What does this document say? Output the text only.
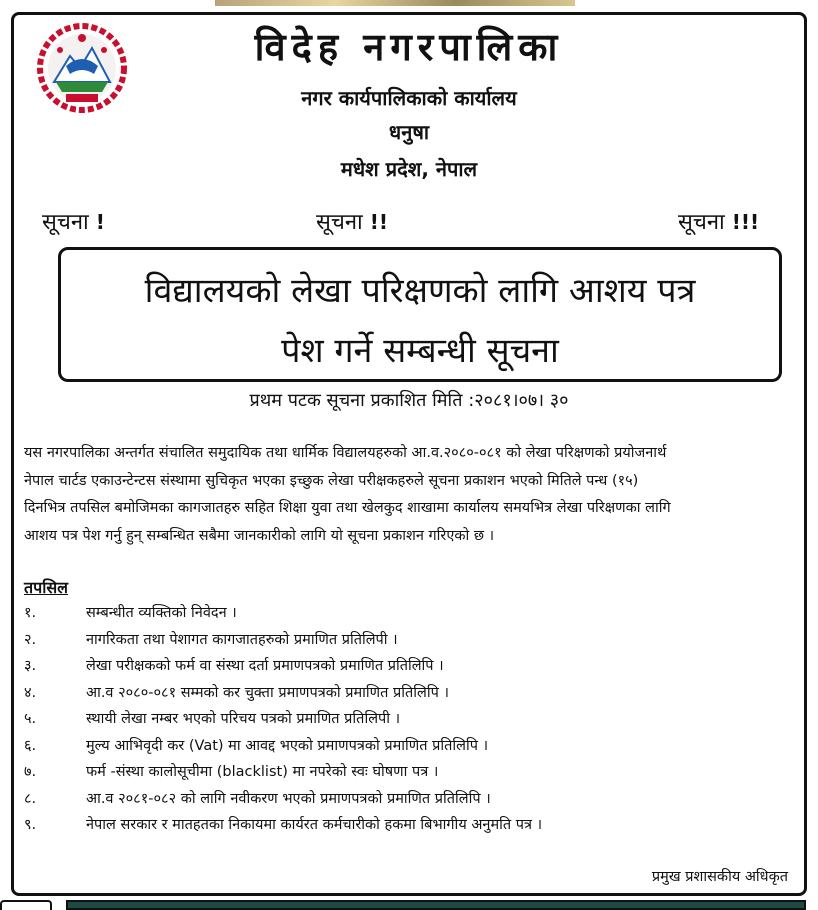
विदेह नगरपालिका
नगर कार्यपालिकाको कार्यालय
धनुषा
मधेश प्रदेश, नेपाल
सूचना !	सूचना !!	सूचना !!!
विद्यालयको लेखा परिक्षणको लागि आशय पत्र
पेश गर्ने सम्बन्धी सूचना
प्रथम पटक सूचना प्रकाशित मिति :२०८१।०७। ३०

यस नगरपालिका अन्तर्गत संचालित समुदायिक तथा धार्मिक विद्यालयहरुको आ.व.२०८०-०८१ को लेखा परिक्षणको प्रयोजनार्थ
नेपाल चार्टड एकाउन्टेन्टस संस्थामा सुचिकृत भएका इच्छुक लेखा परीक्षकहरुले सूचना प्रकाशन भएको मितिले पन्ध (१५)
दिनभित्र तपसिल बमोजिमका कागजातहरु सहित शिक्षा युवा तथा खेलकुद शाखामा कार्यालय समयभित्र लेखा परिक्षणका लागि
आशय पत्र पेश गर्नु हुन् सम्बन्धित सबैमा जानकारीको लागि यो सूचना प्रकाशन गरिएको छ ।

तपसिल
१.	सम्बन्धीत व्यक्तिको निवेदन ।
२.	नागरिकता तथा पेशागत कागजातहरुको प्रमाणित प्रतिलिपी ।
३.	लेखा परीक्षकको फर्म वा संस्था दर्ता प्रमाणपत्रको प्रमाणित प्रतिलिपि ।
४.	आ.व २०८०-०८१ सम्मको कर चुक्ता प्रमाणपत्रको प्रमाणित प्रतिलिपि ।
५.	स्थायी लेखा नम्बर भएको परिचय पत्रको प्रमाणित प्रतिलिपी ।
६.	मुल्य आभिवृदी कर (Vat) मा आवद्द भएको प्रमाणपत्रको प्रमाणित प्रतिलिपि ।
७.	फर्म -संस्था कालोसूचीमा (blacklist) मा नपरेको स्वः घोषणा पत्र ।
८.	आ.व २०८१-०८२ को लागि नवीकरण भएको प्रमाणपत्रको प्रमाणित प्रतिलिपि ।
९.	नेपाल सरकार र मातहतका निकायमा कार्यरत कर्मचारीको हकमा बिभागीय अनुमति पत्र ।
प्रमुख प्रशासकीय अधिकृत
